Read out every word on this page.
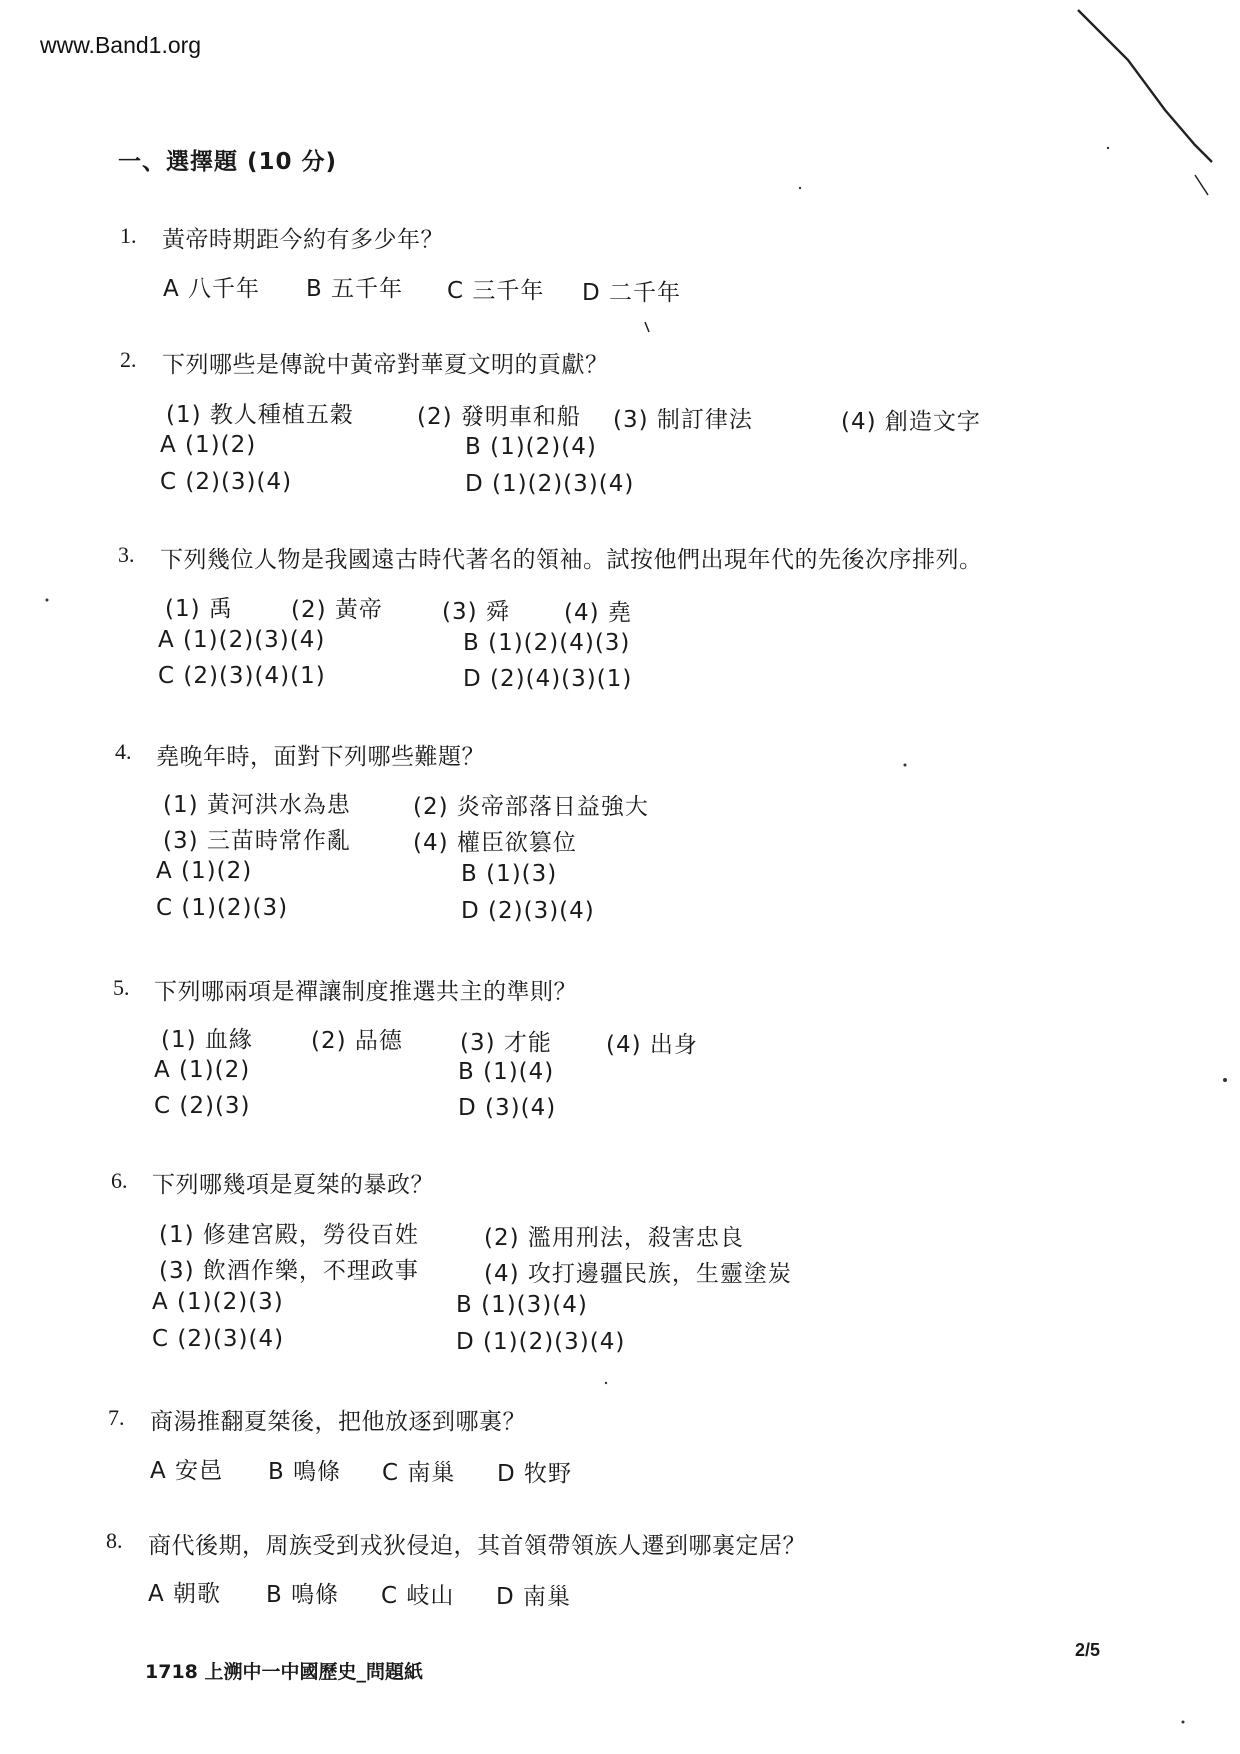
www.Band1.org
一、選擇題 (10 分)
1. 黃帝時期距今約有多少年？
A 八千年 B 五千年 C 三千年 D 二千年
2. 下列哪些是傳說中黃帝對華夏文明的貢獻？
(1) 教人種植五穀	(2) 發明車和船 (3) 制訂律法	(4) 創造文字
A (1)(2)	B (1)(2)(4)
C (2)(3)(4)	D (1)(2)(3)(4)
3. 下列幾位人物是我國遠古時代著名的領袖。試按他們出現年代的先後次序排列。
(1) 禹	(2) 黃帝	(3) 舜 (4) 堯
A (1)(2)(3)(4)	B (1)(2)(4)(3)
C (2)(3)(4)(1)	D (2)(4)(3)(1)
4. 堯晚年時，面對下列哪些難題？
(1) 黃河洪水為患	(2) 炎帝部落日益強大
(3) 三苗時常作亂	(4) 權臣欲篡位
A (1)(2)	B (1)(3)
C (1)(2)(3)	D (2)(3)(4)
5. 下列哪兩項是禪讓制度推選共主的準則？
(1) 血緣	(2) 品德 (3) 才能 (4) 出身
A (1)(2)	B (1)(4)
C (2)(3)	D (3)(4)
6. 下列哪幾項是夏桀的暴政？
(1) 修建宮殿，勞役百姓	(2) 濫用刑法，殺害忠良
(3) 飲酒作樂，不理政事	(4) 攻打邊疆民族，生靈塗炭
A (1)(2)(3)	B (1)(3)(4)
C (2)(3)(4)	D (1)(2)(3)(4)
7. 商湯推翻夏桀後，把他放逐到哪裏？
A 安邑 B 鳴條 C 南巢 D 牧野
8. 商代後期，周族受到戎狄侵迫，其首領帶領族人遷到哪裏定居？
A 朝歌 B 鳴條 C 岐山 D 南巢
1718 上溯中一中國歷史_問題紙
2/5
